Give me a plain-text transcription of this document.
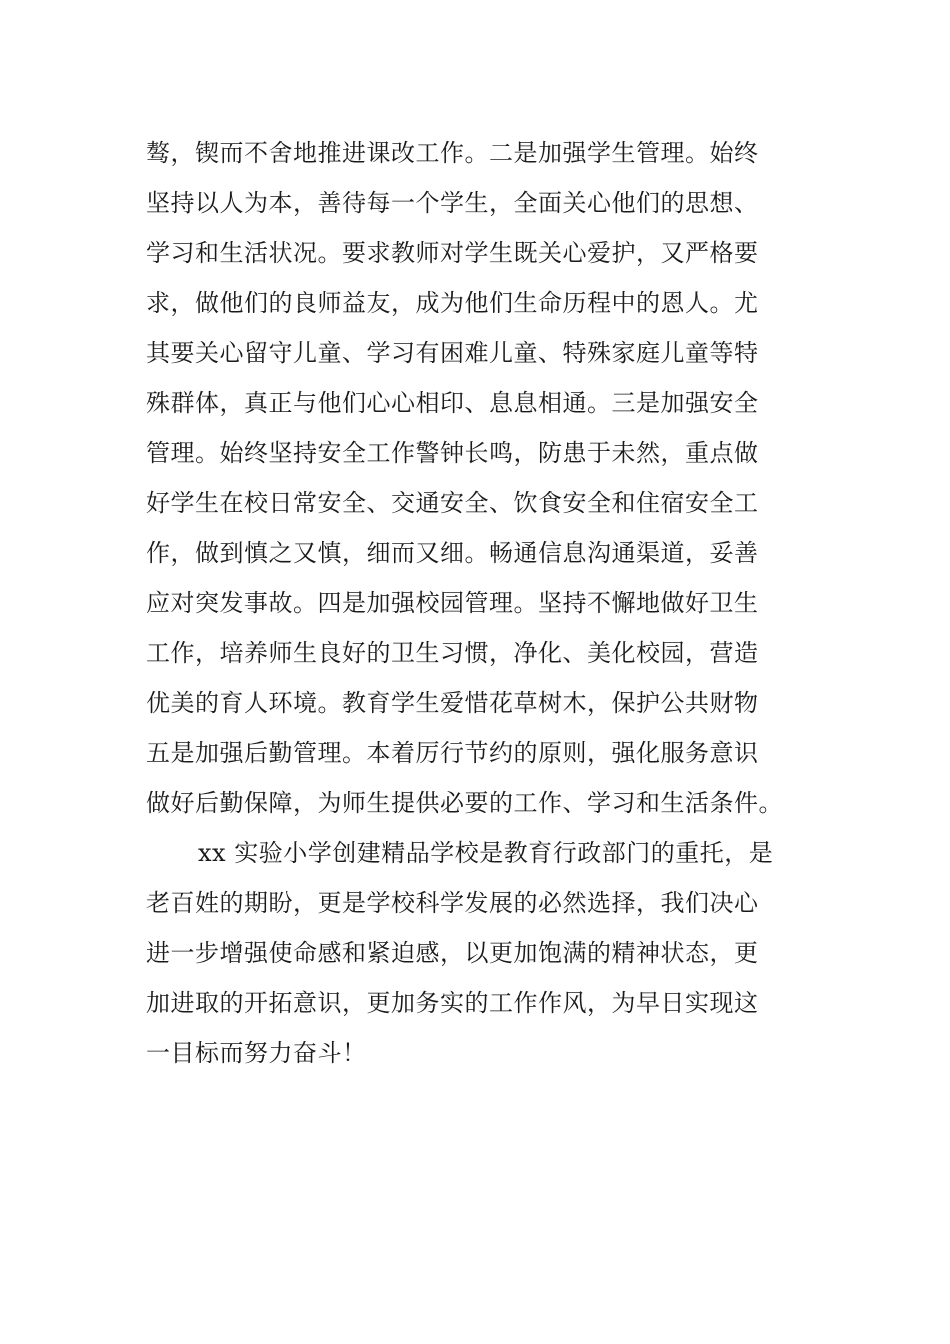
骜，锲而不舍地推进课改工作。二是加强学生管理。始终
坚持以人为本，善待每一个学生，全面关心他们的思想、
学习和生活状况。要求教师对学生既关心爱护，又严格要
求，做他们的良师益友，成为他们生命历程中的恩人。尤
其要关心留守儿童、学习有困难儿童、特殊家庭儿童等特
殊群体，真正与他们心心相印、息息相通。三是加强安全
管理。始终坚持安全工作警钟长鸣，防患于未然，重点做
好学生在校日常安全、交通安全、饮食安全和住宿安全工
作，做到慎之又慎，细而又细。畅通信息沟通渠道，妥善
应对突发事故。四是加强校园管理。坚持不懈地做好卫生
工作，培养师生良好的卫生习惯，净化、美化校园，营造
优美的育人环境。教育学生爱惜花草树木，保护公共财物
五是加强后勤管理。本着厉行节约的原则，强化服务意识
做好后勤保障，为师生提供必要的工作、学习和生活条件。
xx 实验小学创建精品学校是教育行政部门的重托，是
老百姓的期盼，更是学校科学发展的必然选择，我们决心
进一步增强使命感和紧迫感，以更加饱满的精神状态，更
加进取的开拓意识，更加务实的工作作风，为早日实现这
一目标而努力奋斗！
